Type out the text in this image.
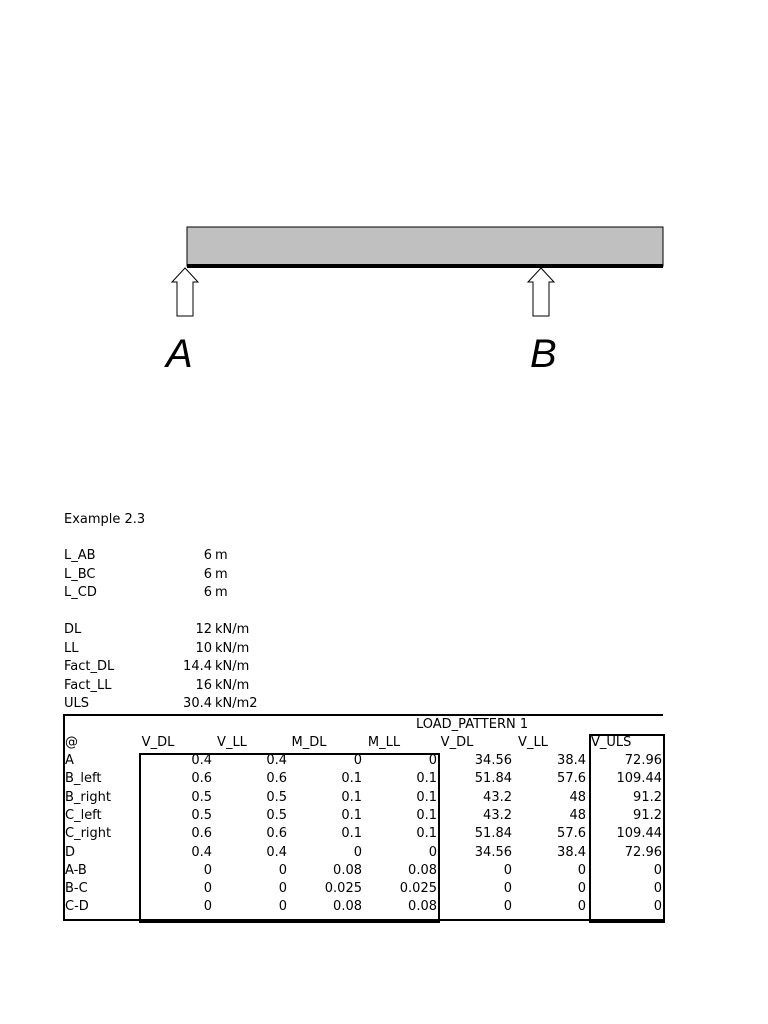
A	B
Example 2.3
L_AB	6 m
L_BC	6 m
L_CD	6 m
DL	12 kN/m
LL	10 kN/m
Fact_DL	14.4 kN/m
Fact_LL	16 kN/m
ULS	30.4 kN/m2
LOAD_PATTERN 1
@	V_DL	V_LL	M_DL	M_LL	V_DL	V_LL	V_ULS
A	0.4	0.4	0	0	34.56	38.4	72.96
B_left	0.6	0.6	0.1	0.1	51.84	57.6	109.44
B_right	0.5	0.5	0.1	0.1	43.2	48	91.2
C_left	0.5	0.5	0.1	0.1	43.2	48	91.2
C_right	0.6	0.6	0.1	0.1	51.84	57.6	109.44
D	0.4	0.4	0	0	34.56	38.4	72.96
A-B	0	0	0.08	0.08	0	0	0
B-C	0	0	0.025	0.025	0	0	0
C-D	0	0	0.08	0.08	0	0	0
